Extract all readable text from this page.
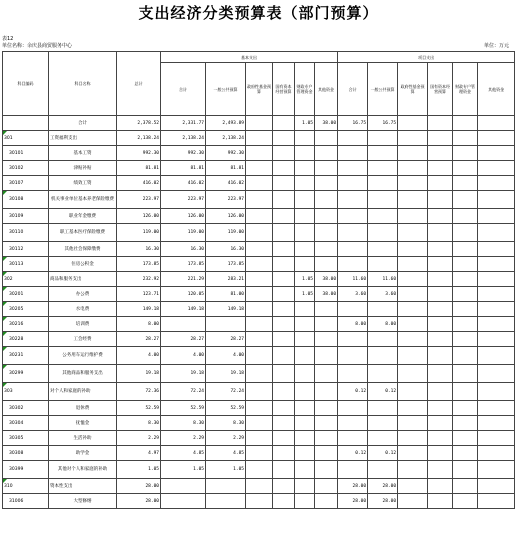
支出经济分类预算表（部门预算）
表12
单位名称：余庆县商贸服务中心	单位：万元
科目编码	科目名称	总计	基本支出						项目支出					
			合计	一般公共预算	政府性基金预算	国有资本经营预算	财政专户管理资金	其他资金	合计	一般公共预算	政府性基金预算	国有资本经营预算	财政专户管理资金	其他资金
	合计	2,378.52	2,331.77	2,493.89			1.05	38.00	16.75	16.75				

301	工资福利支出	2,138.24	2,138.24	2,138.24										
30101	基本工资	992.30	992.30	992.30										
30102	津贴补贴	81.81	81.81	81.81										
30107	绩效工资	416.02	416.02	416.02										

30108	机关事业单位基本养老保险缴费	223.97	223.97	223.97										
30109	职业年金缴费	126.00	126.00	126.00										
30110	职工基本医疗保险缴费	119.00	119.00	119.00										
30112	其他社会保障缴费	16.30	16.30	16.30										

30113	住房公积金	173.85	173.85	173.85										

302	商品和服务支出	232.92	221.29	283.21			1.05	38.00	11.60	11.60				

30201	办公费	123.71	120.05	81.00			1.05	38.00	3.60	3.60				

30205	水电费	149.18	149.18	149.18										

30216	培训费	8.00							8.00	8.00				

30228	工会经费	28.27	28.27	28.27										

30231	公务用车运行维护费	4.00	4.00	4.00										

30299	其他商品和服务支出	19.18	19.18	19.18										

303	对个人和家庭的补助	72.36	72.24	72.24					0.12	0.12				
30302	退休费	52.59	52.59	52.59										
30304	抚恤金	8.30	8.30	8.30										
30305	生活补助	2.29	2.29	2.29										
30308	助学金	4.97	4.85	4.85					0.12	0.12				
30399	其他对个人和家庭的补助	1.05	1.05	1.05										

310	资本性支出	28.00							28.00	28.00				
31006	大型修缮	28.00							28.00	28.00				
